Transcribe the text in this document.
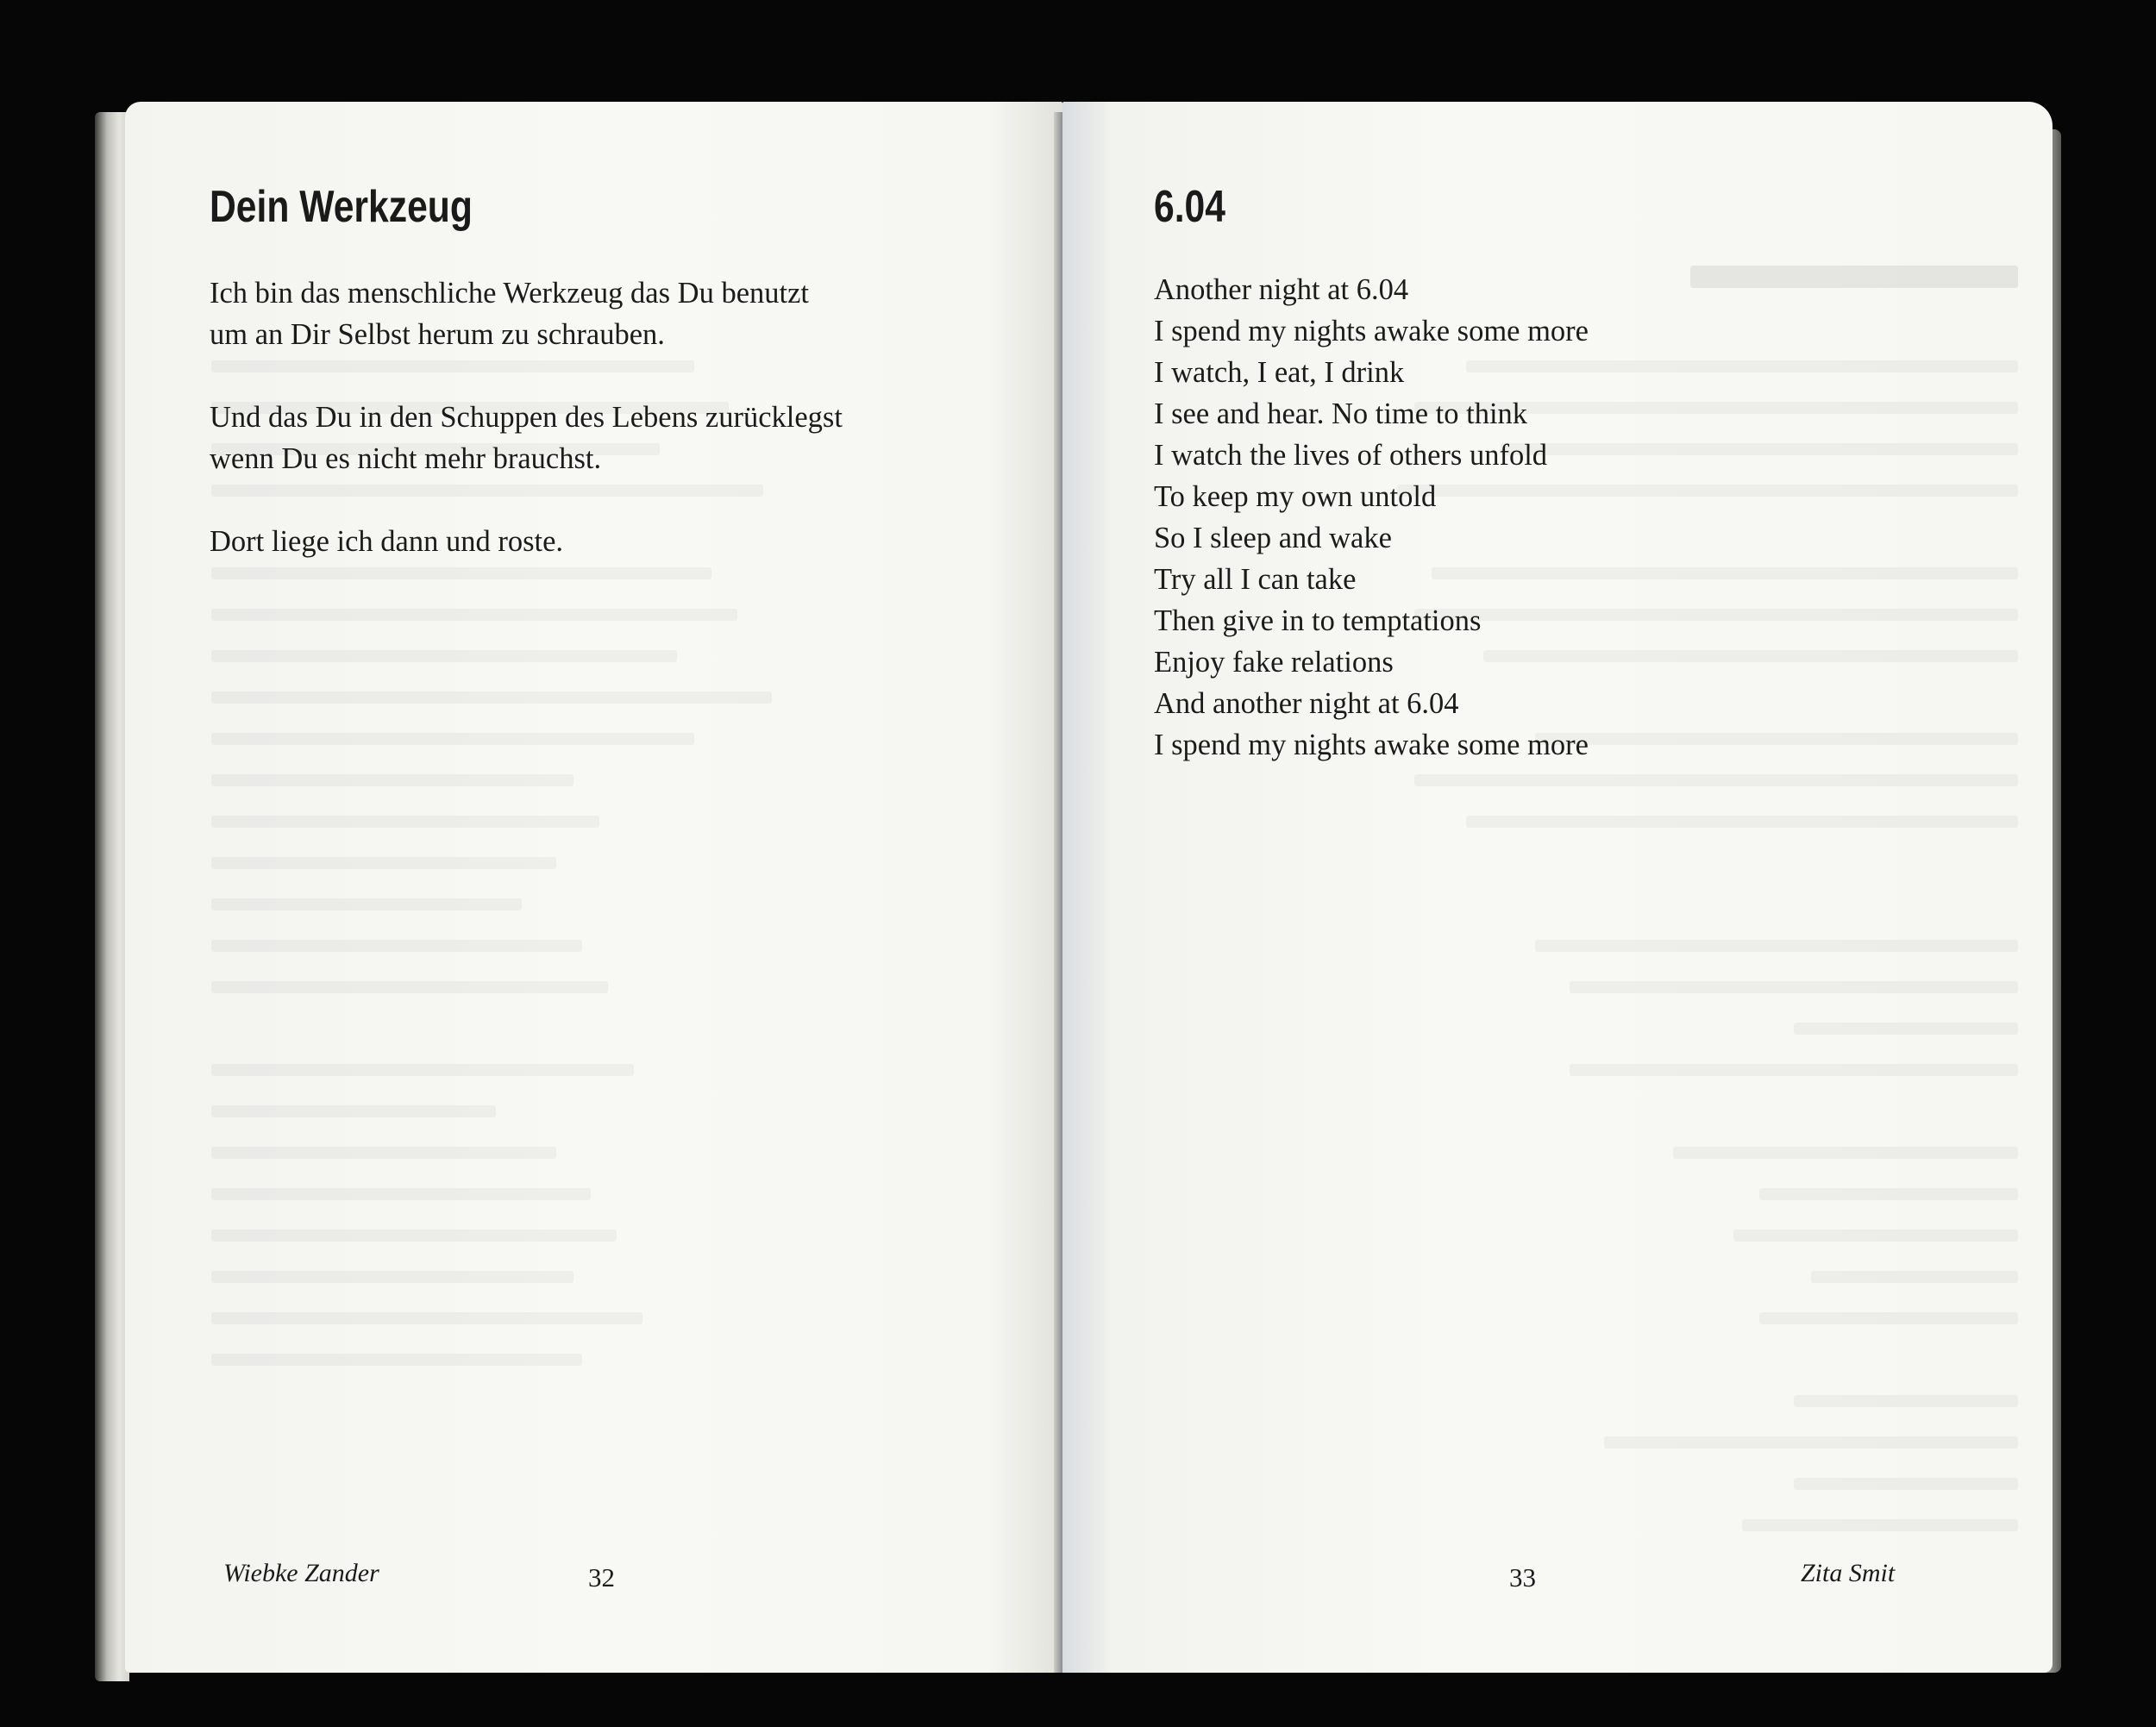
Dein Werkzeug
Ich bin das menschliche Werkzeug das Du benutzt
um an Dir Selbst herum zu schrauben.
Und das Du in den Schuppen des Lebens zurücklegst
wenn Du es nicht mehr brauchst.
Dort liege ich dann und roste.
Wiebke Zander	32
6.04
Another night at 6.04
I spend my nights awake some more
I watch, I eat, I drink
I see and hear. No time to think
I watch the lives of others unfold
To keep my own untold
So I sleep and wake
Try all I can take
Then give in to temptations
Enjoy fake relations
And another night at 6.04
I spend my nights awake some more
33	Zita Smit
